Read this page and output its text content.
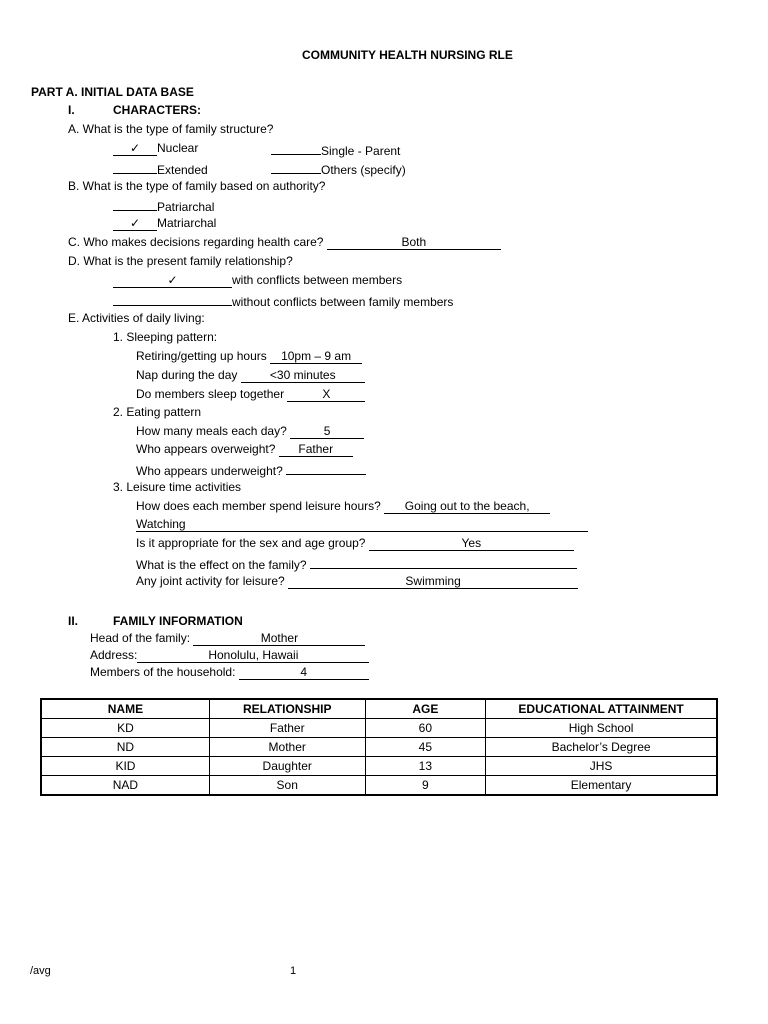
COMMUNITY HEALTH NURSING RLE
PART A. INITIAL DATA BASE
I.	CHARACTERS:
A. What is the type of family structure?
✓ Nuclear	Single - Parent
Extended	Others (specify)
B. What is the type of family based on authority?
Patriarchal
✓ Matriarchal
C. Who makes decisions regarding health care?	Both
D. What is the present family relationship?
✓	with conflicts between members
without conflicts between family members
E. Activities of daily living:
1. Sleeping pattern:
Retiring/getting up hours 10pm – 9 am
Nap during the day	<30 minutes
Do members sleep together	X
2. Eating pattern
How many meals each day?	5
Who appears overweight? Father
Who appears underweight?
3. Leisure time activities
How does each member spend leisure hours? Going out to the beach,
Watching
Is it appropriate for the sex and age group?	Yes
What is the effect on the family?
Any joint activity for leisure?	Swimming
II.	FAMILY INFORMATION
Head of the family:	Mother
Address:	Honolulu, Hawaii
Members of the household:	4
NAME	RELATIONSHIP	AGE	EDUCATIONAL ATTAINMENT
KD	Father	60	High School
ND	Mother	45	Bachelor’s Degree
KID	Daughter	13	JHS
NAD	Son	9	Elementary
/avg	1
